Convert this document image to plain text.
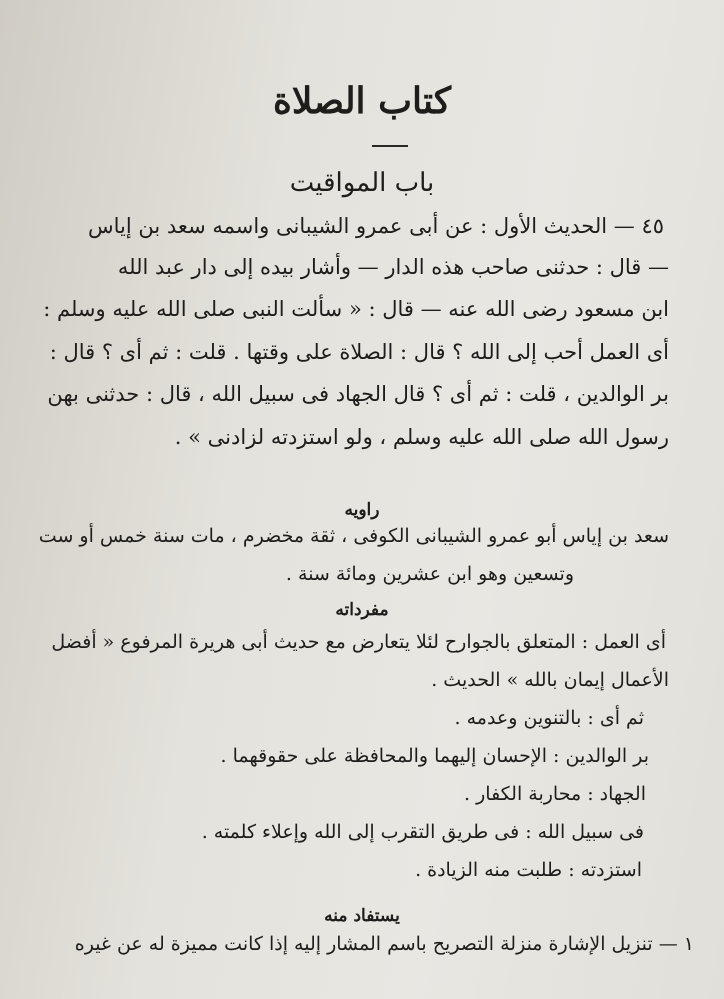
كتاب الصلاة
باب المواقيت
٤٥ — الحديث الأول : عن أبى عمرو الشيبانى واسمه سعد بن إياس
— قال : حدثنى صاحب هذه الدار — وأشار بيده إلى دار عبد الله
ابن مسعود رضى الله عنه — قال : « سألت النبى صلى الله عليه وسلم :
أى العمل أحب إلى الله ؟ قال : الصلاة على وقتها . قلت : ثم أى ؟ قال :
بر الوالدين ، قلت : ثم أى ؟ قال الجهاد فى سبيل الله ، قال : حدثنى بهن
رسول الله صلى الله عليه وسلم ، ولو استزدته لزادنى » .
راويه
سعد بن إياس أبو عمرو الشيبانى الكوفى ، ثقة مخضرم ، مات سنة خمس أو ست
وتسعين وهو ابن عشرين ومائة سنة .
مفرداته
أى العمل : المتعلق بالجوارح لئلا يتعارض مع حديث أبى هريرة المرفوع « أفضل
الأعمال إيمان بالله » الحديث .
ثم أى : بالتنوين وعدمه .
بر الوالدين : الإحسان إليهما والمحافظة على حقوقهما .
الجهاد : محاربة الكفار .
فى سبيل الله : فى طريق التقرب إلى الله وإعلاء كلمته .
استزدته : طلبت منه الزيادة .
يستفاد منه
١ — تنزيل الإشارة منزلة التصريح باسم المشار إليه إذا كانت مميزة له عن غيره
